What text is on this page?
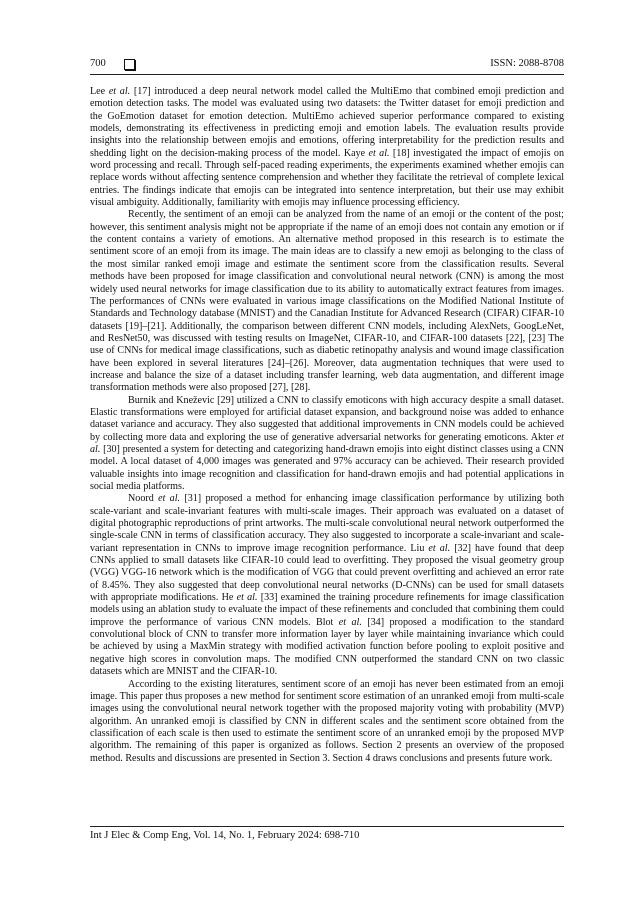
700	ISSN: 2088-8708

Lee et al. [17] introduced a deep neural network model called the MultiEmo that combined emoji prediction and emotion detection tasks. The model was evaluated using two datasets: the Twitter dataset for emoji prediction and the GoEmotion dataset for emotion detection. MultiEmo achieved superior performance compared to existing models, demonstrating its effectiveness in predicting emoji and emotion labels. The evaluation results provide insights into the relationship between emojis and emotions, offering interpretability for the prediction results and shedding light on the decision-making process of the model. Kaye et al. [18] investigated the impact of emojis on word processing and recall. Through self-paced reading experiments, the experiments examined whether emojis can replace words without affecting sentence comprehension and whether they facilitate the retrieval of complete lexical entries. The findings indicate that emojis can be integrated into sentence interpretation, but their use may exhibit visual ambiguity. Additionally, familiarity with emojis may influence processing efficiency.

Recently, the sentiment of an emoji can be analyzed from the name of an emoji or the content of the post; however, this sentiment analysis might not be appropriate if the name of an emoji does not contain any emotion or if the content contains a variety of emotions. An alternative method proposed in this research is to estimate the sentiment score of an emoji from its image. The main ideas are to classify a new emoji as belonging to the class of the most similar ranked emoji image and estimate the sentiment score from the classification results. Several methods have been proposed for image classification and convolutional neural network (CNN) is among the most widely used neural networks for image classification due to its ability to automatically extract features from images. The performances of CNNs were evaluated in various image classifications on the Modified National Institute of Standards and Technology database (MNIST) and the Canadian Institute for Advanced Research (CIFAR) CIFAR-10 datasets [19]–[21]. Additionally, the comparison between different CNN models, including AlexNets, GoogLeNet, and ResNet50, was discussed with testing results on ImageNet, CIFAR-10, and CIFAR-100 datasets [22], [23] The use of CNNs for medical image classifications, such as diabetic retinopathy analysis and wound image classification have been explored in several literatures [24]–[26]. Moreover, data augmentation techniques that were used to increase and balance the size of a dataset including transfer learning, web data augmentation, and different image transformation methods were also proposed [27], [28].

Burnik and Kneževic [29] utilized a CNN to classify emoticons with high accuracy despite a small dataset. Elastic transformations were employed for artificial dataset expansion, and background noise was added to enhance dataset variance and accuracy. They also suggested that additional improvements in CNN models could be achieved by collecting more data and exploring the use of generative adversarial networks for generating emoticons. Akter et al. [30] presented a system for detecting and categorizing hand-drawn emojis into eight distinct classes using a CNN model. A local dataset of 4,000 images was generated and 97% accuracy can be achieved. Their research provided valuable insights into image recognition and classification for hand-drawn emojis and had potential applications in social media platforms.

Noord et al. [31] proposed a method for enhancing image classification performance by utilizing both scale-variant and scale-invariant features with multi-scale images. Their approach was evaluated on a dataset of digital photographic reproductions of print artworks. The multi-scale convolutional neural network outperformed the single-scale CNN in terms of classification accuracy. They also suggested to incorporate a scale-invariant and scale-variant representation in CNNs to improve image recognition performance. Liu et al. [32] have found that deep CNNs applied to small datasets like CIFAR-10 could lead to overfitting. They proposed the visual geometry group (VGG) VGG-16 network which is the modification of VGG that could prevent overfitting and achieved an error rate of 8.45%. They also suggested that deep convolutional neural networks (D-CNNs) can be used for small datasets with appropriate modifications. He et al. [33] examined the training procedure refinements for image classification models using an ablation study to evaluate the impact of these refinements and concluded that combining them could improve the performance of various CNN models. Blot et al. [34] proposed a modification to the standard convolutional block of CNN to transfer more information layer by layer while maintaining invariance which could be achieved by using a MaxMin strategy with modified activation function before pooling to exploit positive and negative high scores in convolution maps. The modified CNN outperformed the standard CNN on two classic datasets which are MNIST and the CIFAR-10.

According to the existing literatures, sentiment score of an emoji has never been estimated from an emoji image. This paper thus proposes a new method for sentiment score estimation of an unranked emoji from multi-scale images using the convolutional neural network together with the proposed majority voting with probability (MVP) algorithm. An unranked emoji is classified by CNN in different scales and the sentiment score obtained from the classification of each scale is then used to estimate the sentiment score of an unranked emoji by the proposed MVP algorithm. The remaining of this paper is organized as follows. Section 2 presents an overview of the proposed method. Results and discussions are presented in Section 3. Section 4 draws conclusions and presents future work.

Int J Elec & Comp Eng, Vol. 14, No. 1, February 2024: 698-710
